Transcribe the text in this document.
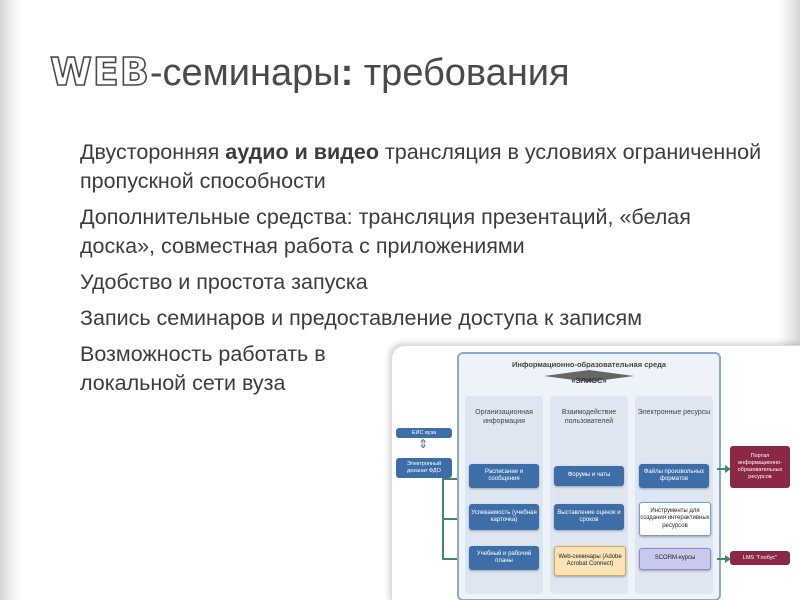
WEB-семинары: требования
Двусторонняя аудио и видео трансляция в условиях ограниченной пропускной способности
Дополнительные средства: трансляция презентаций, «белая доска», совместная работа с приложениями
Удобство и простота запуска
Запись семинаров и предоставление доступа к записям
Возможность работать в локальной сети вуза
ЕИС вуза
⇕
Электронный деканат ФДО
Информационно-образовательная среда
«ЭЛИОС»
Организационная информация
Расписание и сообщения
Успеваемость (учебная карточка)
Учебный и рабочий планы
Взаимодействие пользователей
Форумы и чаты
Выставление оценок и сроков
Web-семинары (Adobe Acrobat Connect)
Электронные ресурсы
Файлы произвольных форматов
Инструменты для создания интерактивных ресурсов
SCORM-курсы
Портал информационно-образовательных ресурсов
LMS "Глобус"
